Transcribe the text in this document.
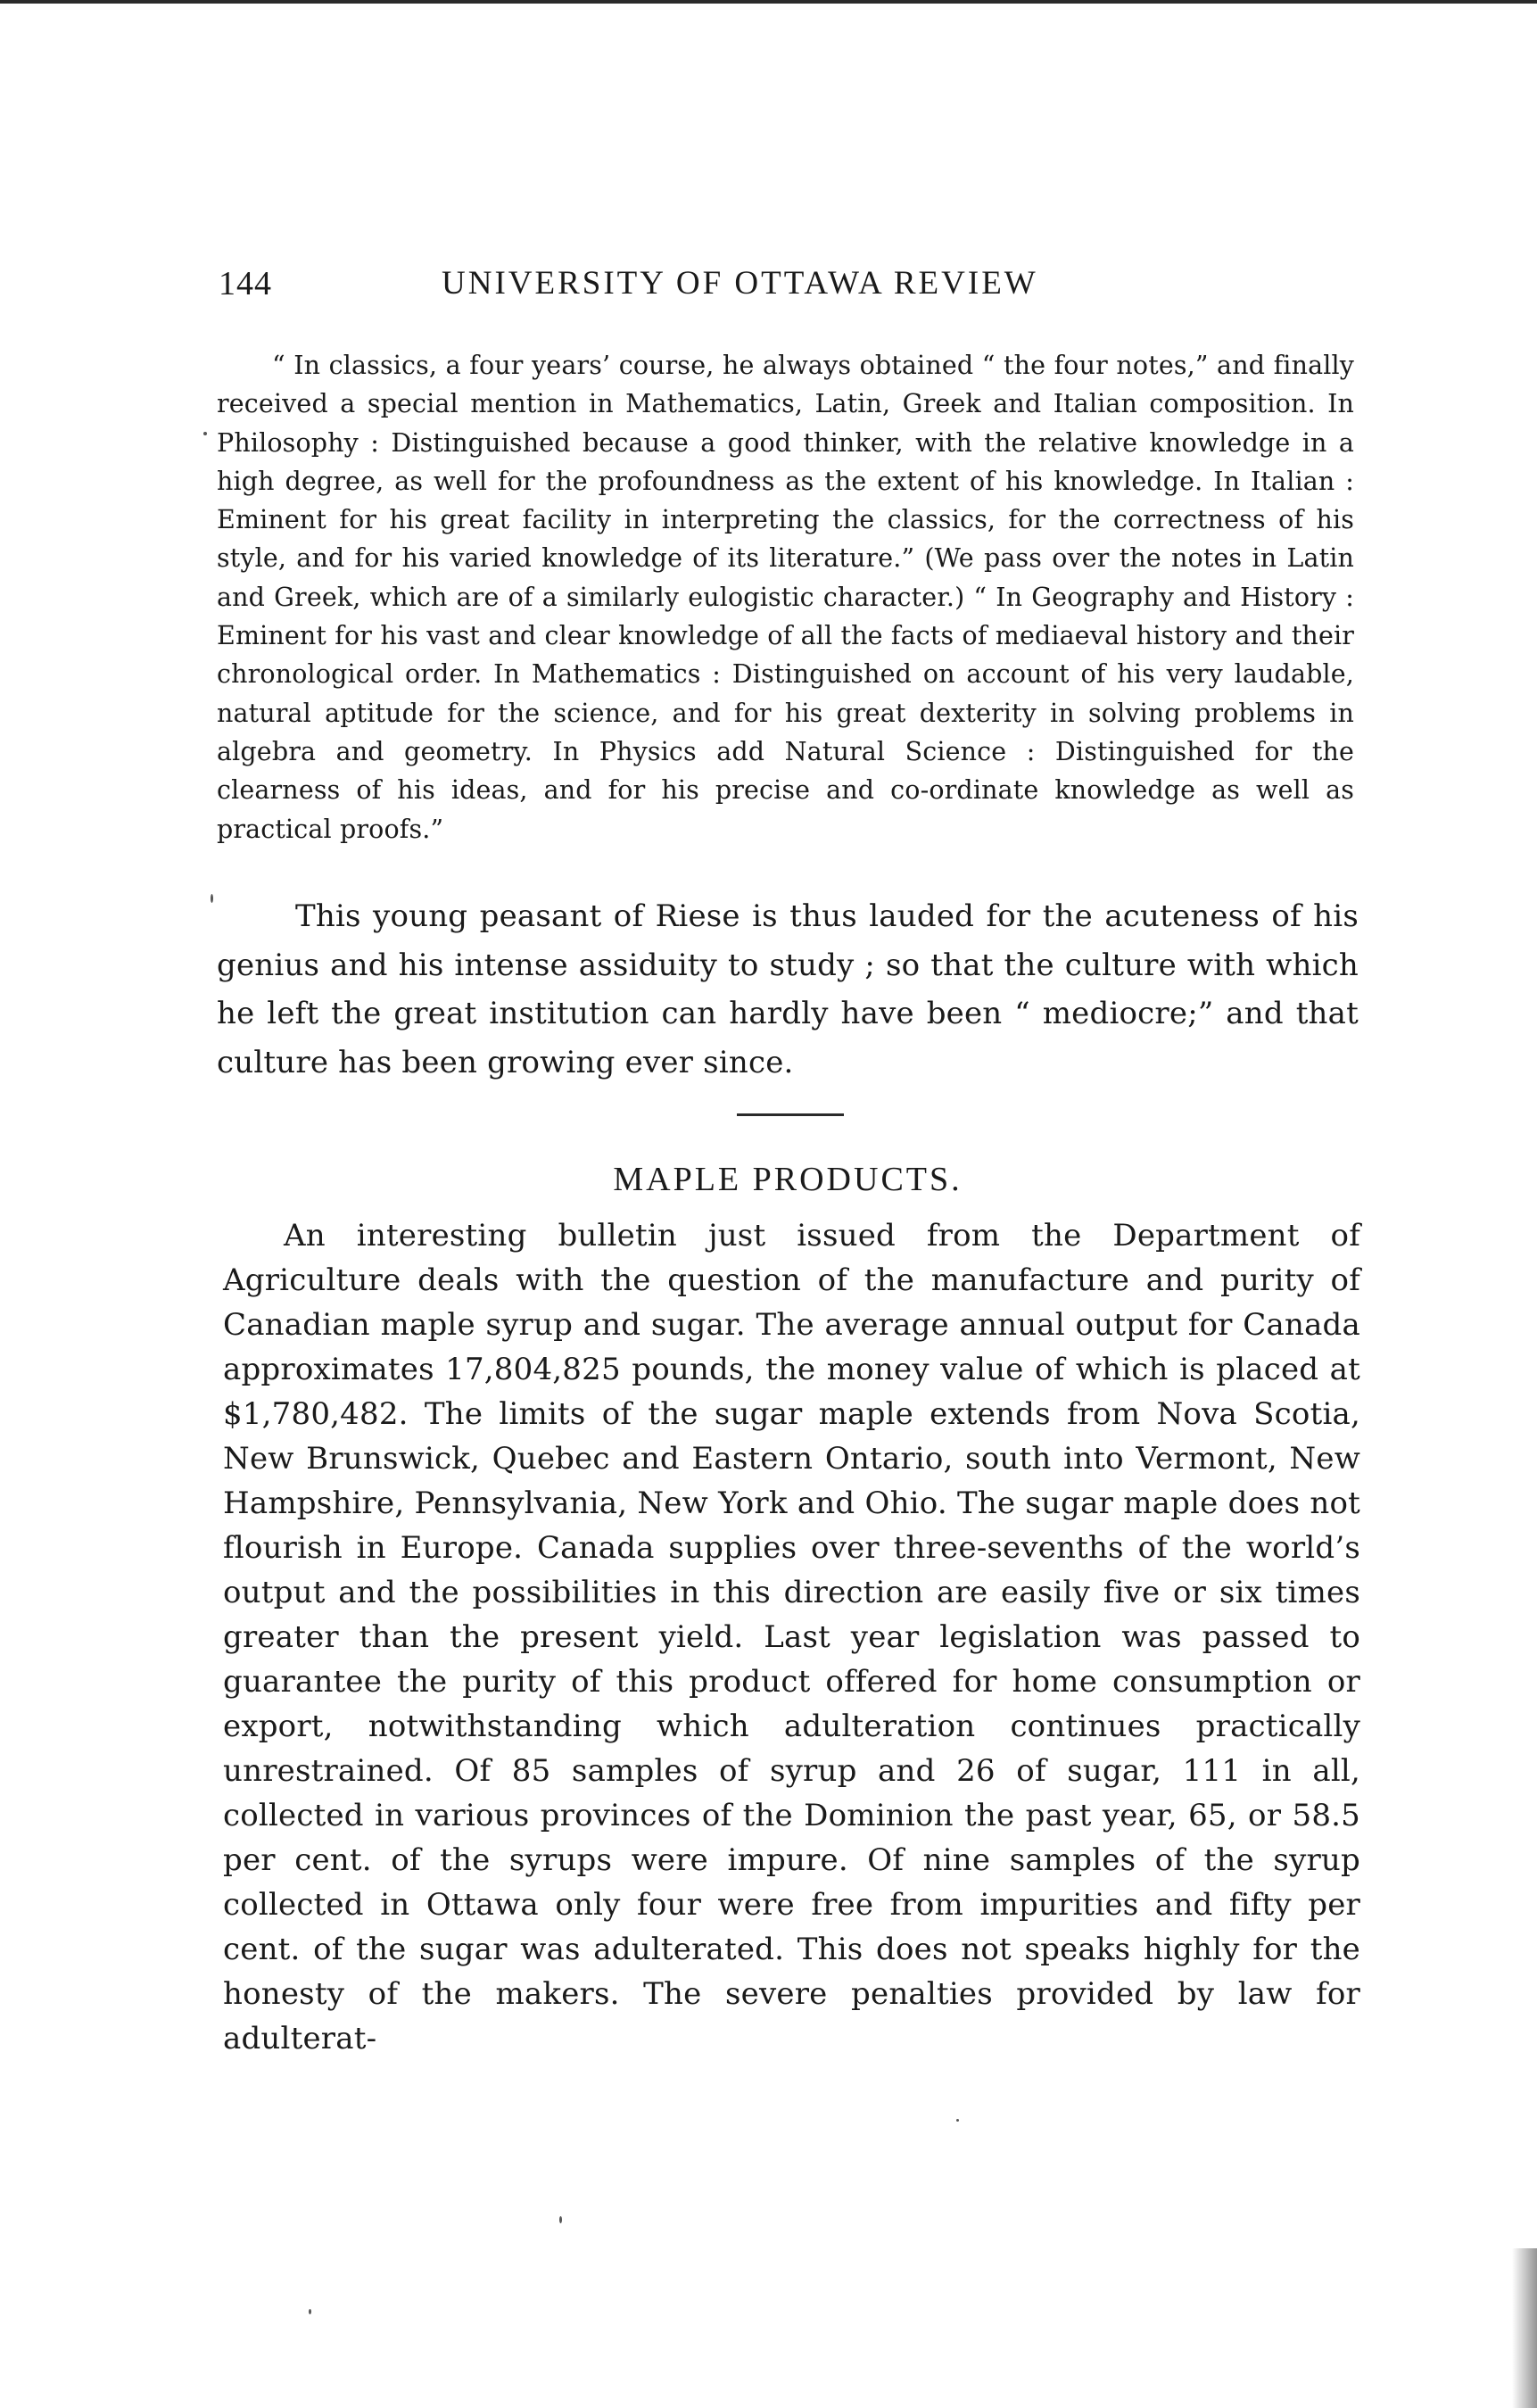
144	UNIVERSITY OF OTTAWA REVIEW

“ In classics, a four years’ course, he always obtained “ the four notes,” and finally received a special mention in Mathematics, Latin, Greek and Italian composition. In Philosophy : Distinguished because a good thinker, with the relative knowledge in a high degree, as well for the profoundness as the extent of his knowledge. In Italian : Eminent for his great facility in interpreting the classics, for the correctness of his style, and for his varied knowledge of its literature.” (We pass over the notes in Latin and Greek, which are of a similarly eulogistic character.) “ In Geography and History : Eminent for his vast and clear knowledge of all the facts of mediaeval history and their chronological order. In Mathematics : Distinguished on account of his very laudable, natural aptitude for the science, and for his great dexterity in solving problems in algebra and geometry. In Physics add Natural Science : Distinguished for the clearness of his ideas, and for his precise and co-ordinate knowledge as well as practical proofs.”

This young peasant of Riese is thus lauded for the acuteness of his genius and his intense assiduity to study ; so that the culture with which he left the great institution can hardly have been “ mediocre;” and that culture has been growing ever since.

MAPLE PRODUCTS.

An interesting bulletin just issued from the Department of Agriculture deals with the question of the manufacture and purity of Canadian maple syrup and sugar. The average annual output for Canada approximates 17,804,825 pounds, the money value of which is placed at $1,780,482. The limits of the sugar maple extends from Nova Scotia, New Brunswick, Quebec and Eastern Ontario, south into Vermont, New Hampshire, Pennsylvania, New York and Ohio. The sugar maple does not flourish in Europe. Canada supplies over three-sevenths of the world’s output and the possibilities in this direction are easily five or six times greater than the present yield. Last year legislation was passed to guarantee the purity of this product offered for home consumption or export, notwithstanding which adulteration continues practically unrestrained. Of 85 samples of syrup and 26 of sugar, 111 in all, collected in various provinces of the Dominion the past year, 65, or 58.5 per cent. of the syrups were impure. Of nine samples of the syrup collected in Ottawa only four were free from impurities and fifty per cent. of the sugar was adulterated. This does not speaks highly for the honesty of the makers. The severe penalties provided by law for adulterat-
